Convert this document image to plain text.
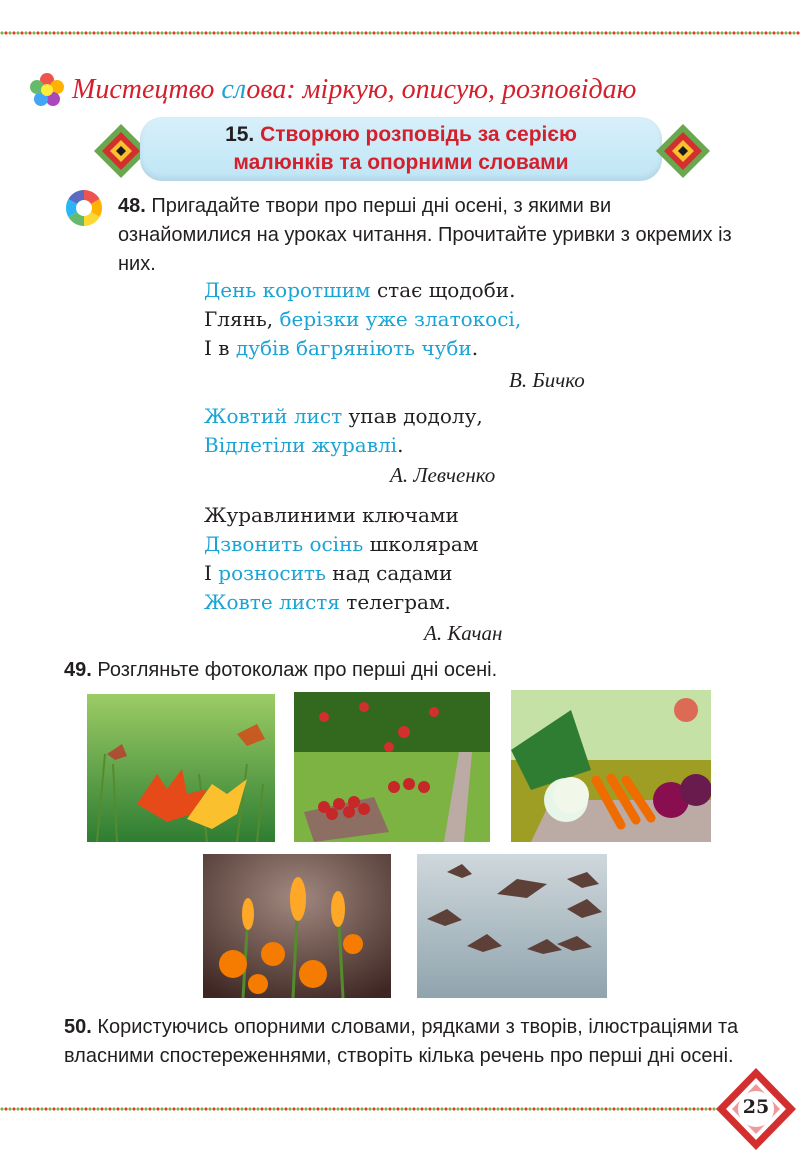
Мистецтво слова: міркую, описую, розповідаю
15. Створюю розповідь за серією
малюнків та опорними словами
48. Пригадайте твори про перші дні осені, з якими ви ознайомилися на уроках читання. Прочитайте уривки з окремих із них.
День коротшим стає щодоби.
Глянь, берізки уже златокосі,
І в дубів багряніють чуби.
В. Бичко
Жовтий лист упав додолу,
Відлетіли журавлі.
А. Левченко
Журавлиними ключами
Дзвонить осінь школярам
І розносить над садами
Жовте листя телеграм.
А. Качан
49. Розгляньте фотоколаж про перші дні осені.
50. Користуючись опорними словами, рядками з творів, ілюстраціями та власними спостереженнями, створіть кілька речень про перші дні осені.
25
